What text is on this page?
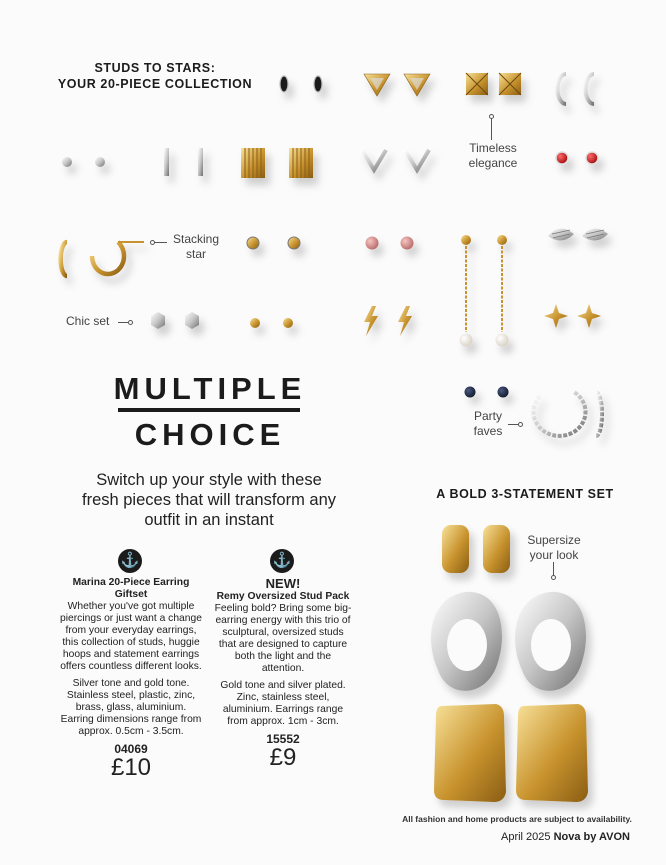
STUDS TO STARS:
YOUR 20-PIECE COLLECTION
Timeless elegance
Stacking star
Chic set
Party faves
Supersize your look
MULTIPLE
CHOICE
Switch up your style with these fresh pieces that will transform any outfit in an instant
⚓
Marina 20-Piece Earring Giftset

Whether you've got multiple piercings or just want a change from your everyday earrings, this collection of studs, huggie hoops and statement earrings offers countless different looks.

Silver tone and gold tone. Stainless steel, plastic, zinc, brass, glass, aluminium. Earring dimensions range from approx. 0.5cm - 3.5cm.

04069
£10
⚓
NEW!
Remy Oversized Stud Pack

Feeling bold? Bring some big-earring energy with this trio of sculptural, oversized studs that are designed to capture both the light and the attention.

Gold tone and silver plated. Zinc, stainless steel, aluminium. Earrings range from approx. 1cm - 3cm.

15552
£9
A BOLD 3-STATEMENT SET
All fashion and home products are subject to availability.
April 2025 Nova by AVON
